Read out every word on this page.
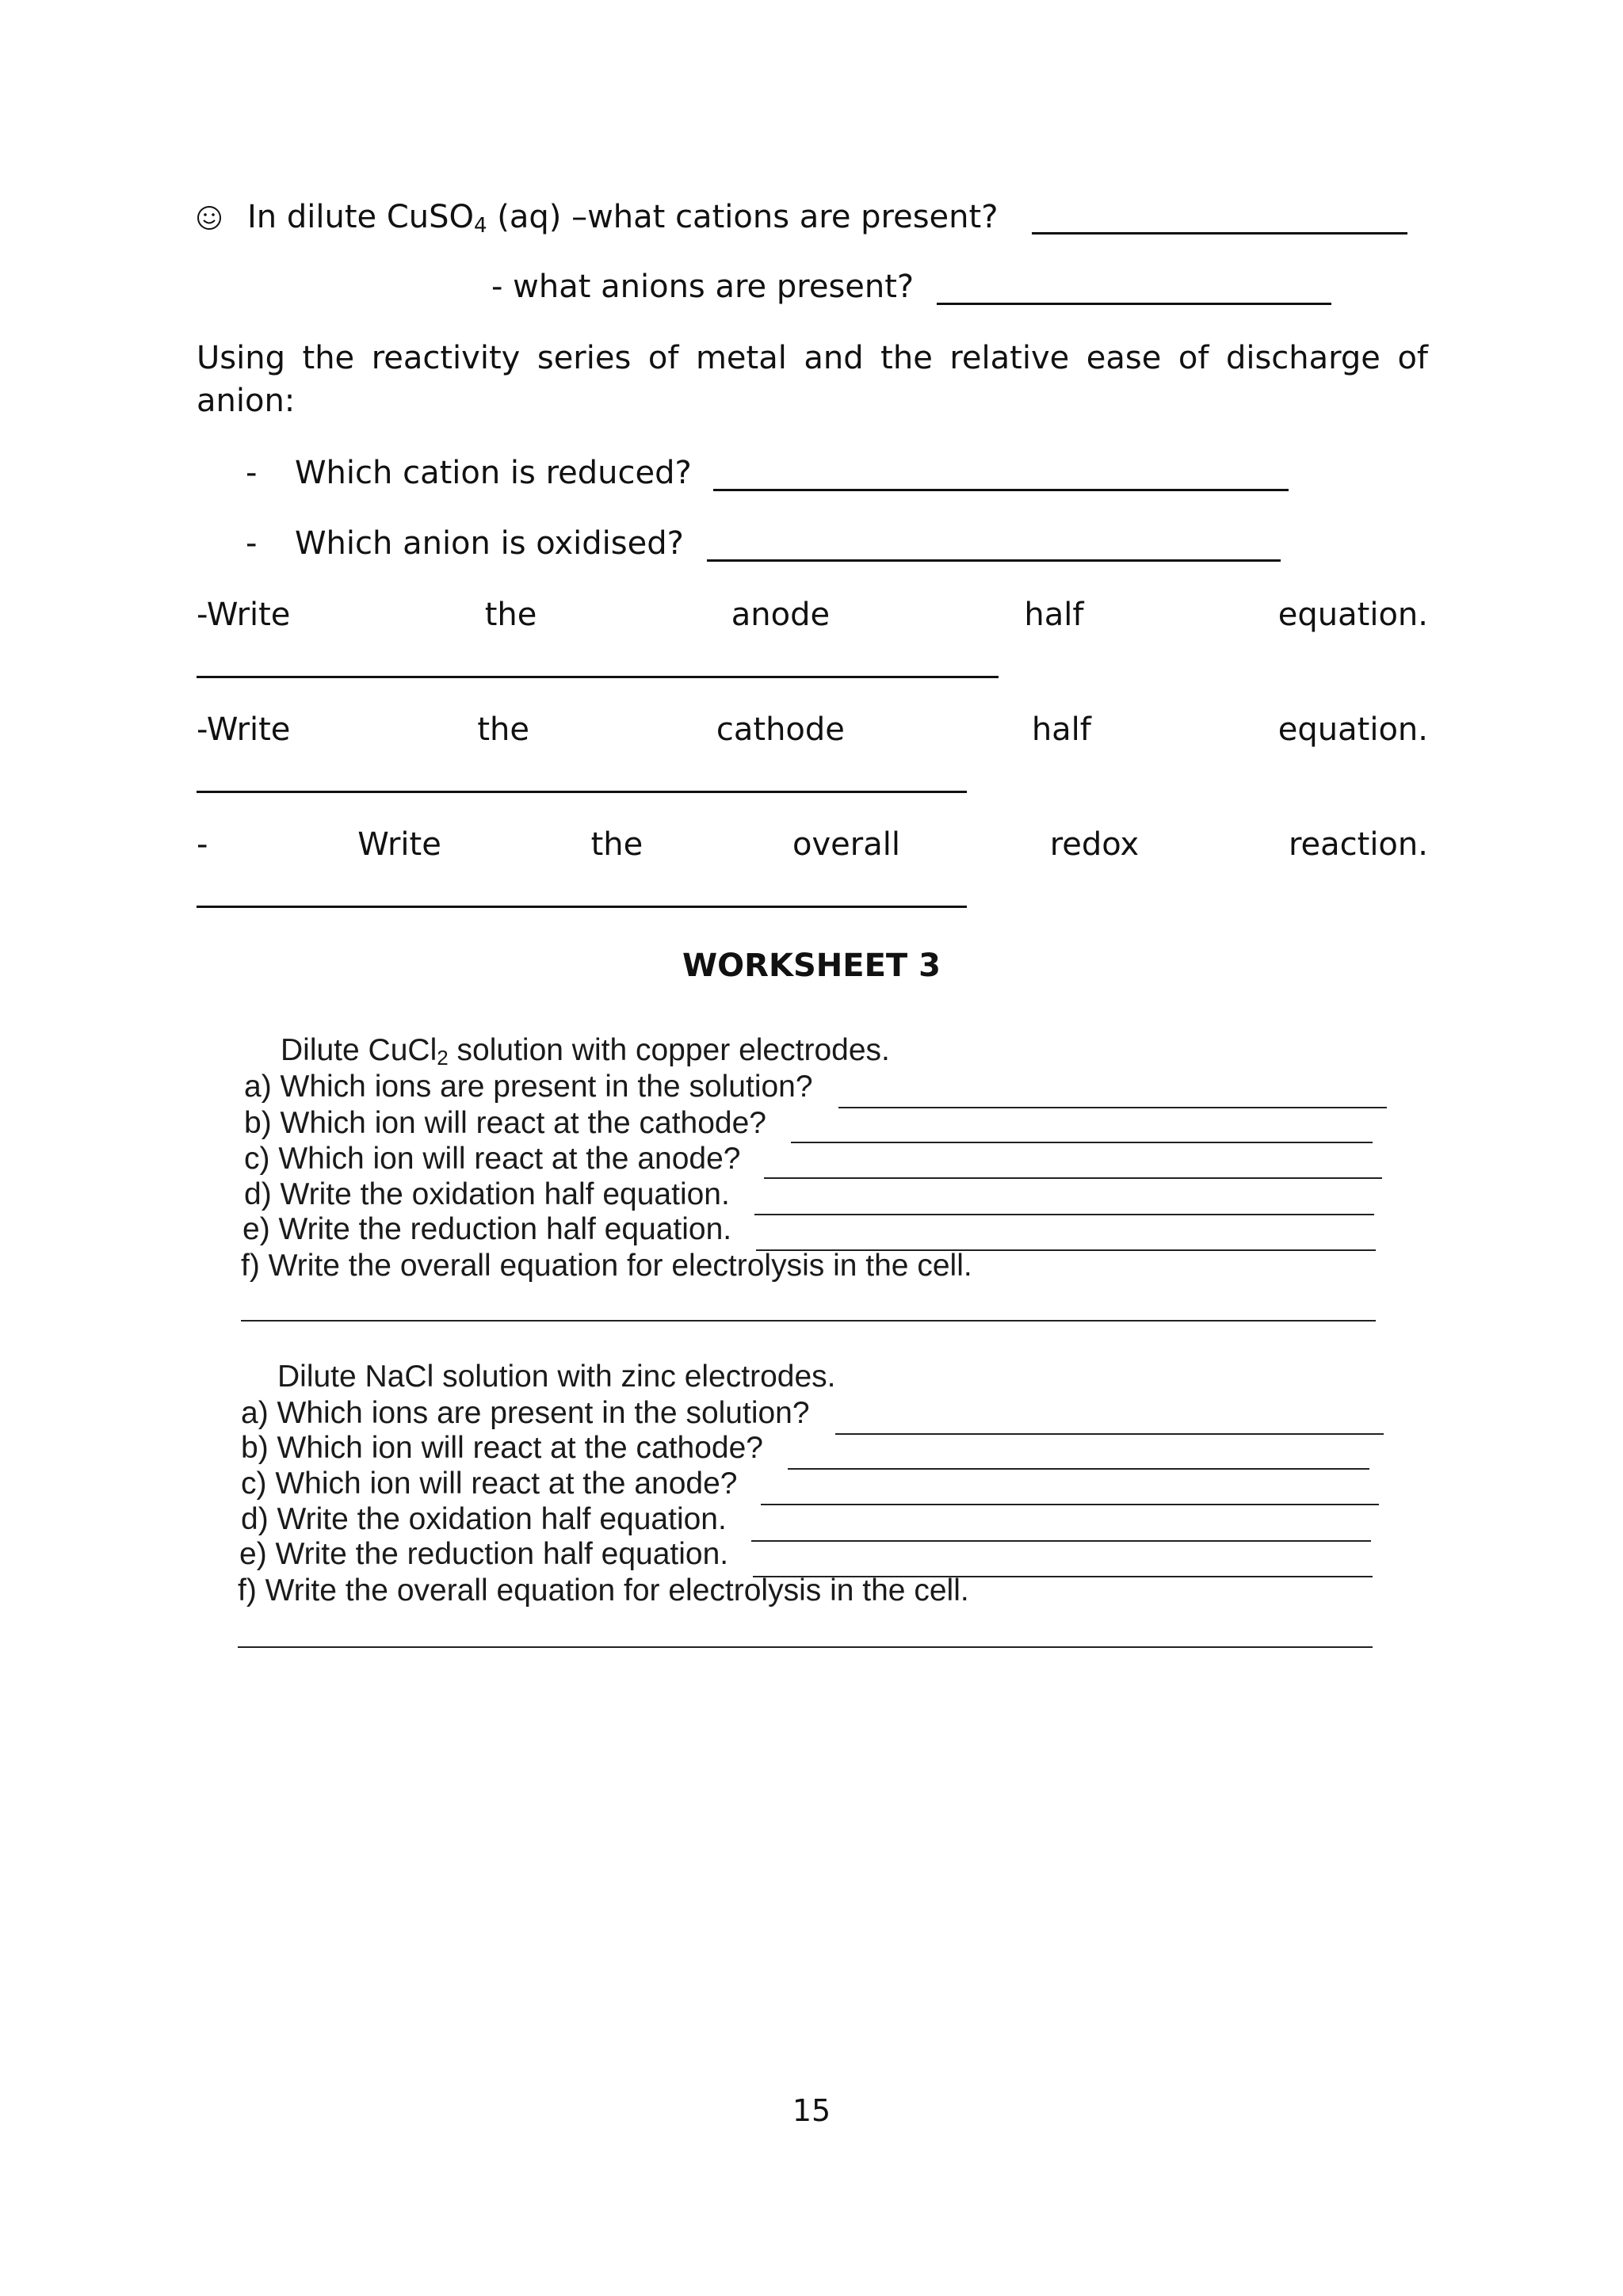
In dilute CuSO4 (aq) –what cations are present?
- what anions are present?
Using the reactivity series of metal and the relative ease of discharge of
anion:
- Which cation is reduced?
- Which anion is oxidised?
-Write	the	anode	half	equation.
-Write	the	cathode	half	equation.
-	Write	the	overall	redox	reaction.
WORKSHEET 3
Dilute CuCl2 solution with copper electrodes.
a) Which ions are present in the solution?
b) Which ion will react at the cathode?
c) Which ion will react at the anode?
d) Write the oxidation half equation.
e) Write the reduction half equation.
f) Write the overall equation for electrolysis in the cell.
Dilute NaCl solution with zinc electrodes.
a) Which ions are present in the solution?
b) Which ion will react at the cathode?
c) Which ion will react at the anode?
d) Write the oxidation half equation.
e) Write the reduction half equation.
f) Write the overall equation for electrolysis in the cell.
15
